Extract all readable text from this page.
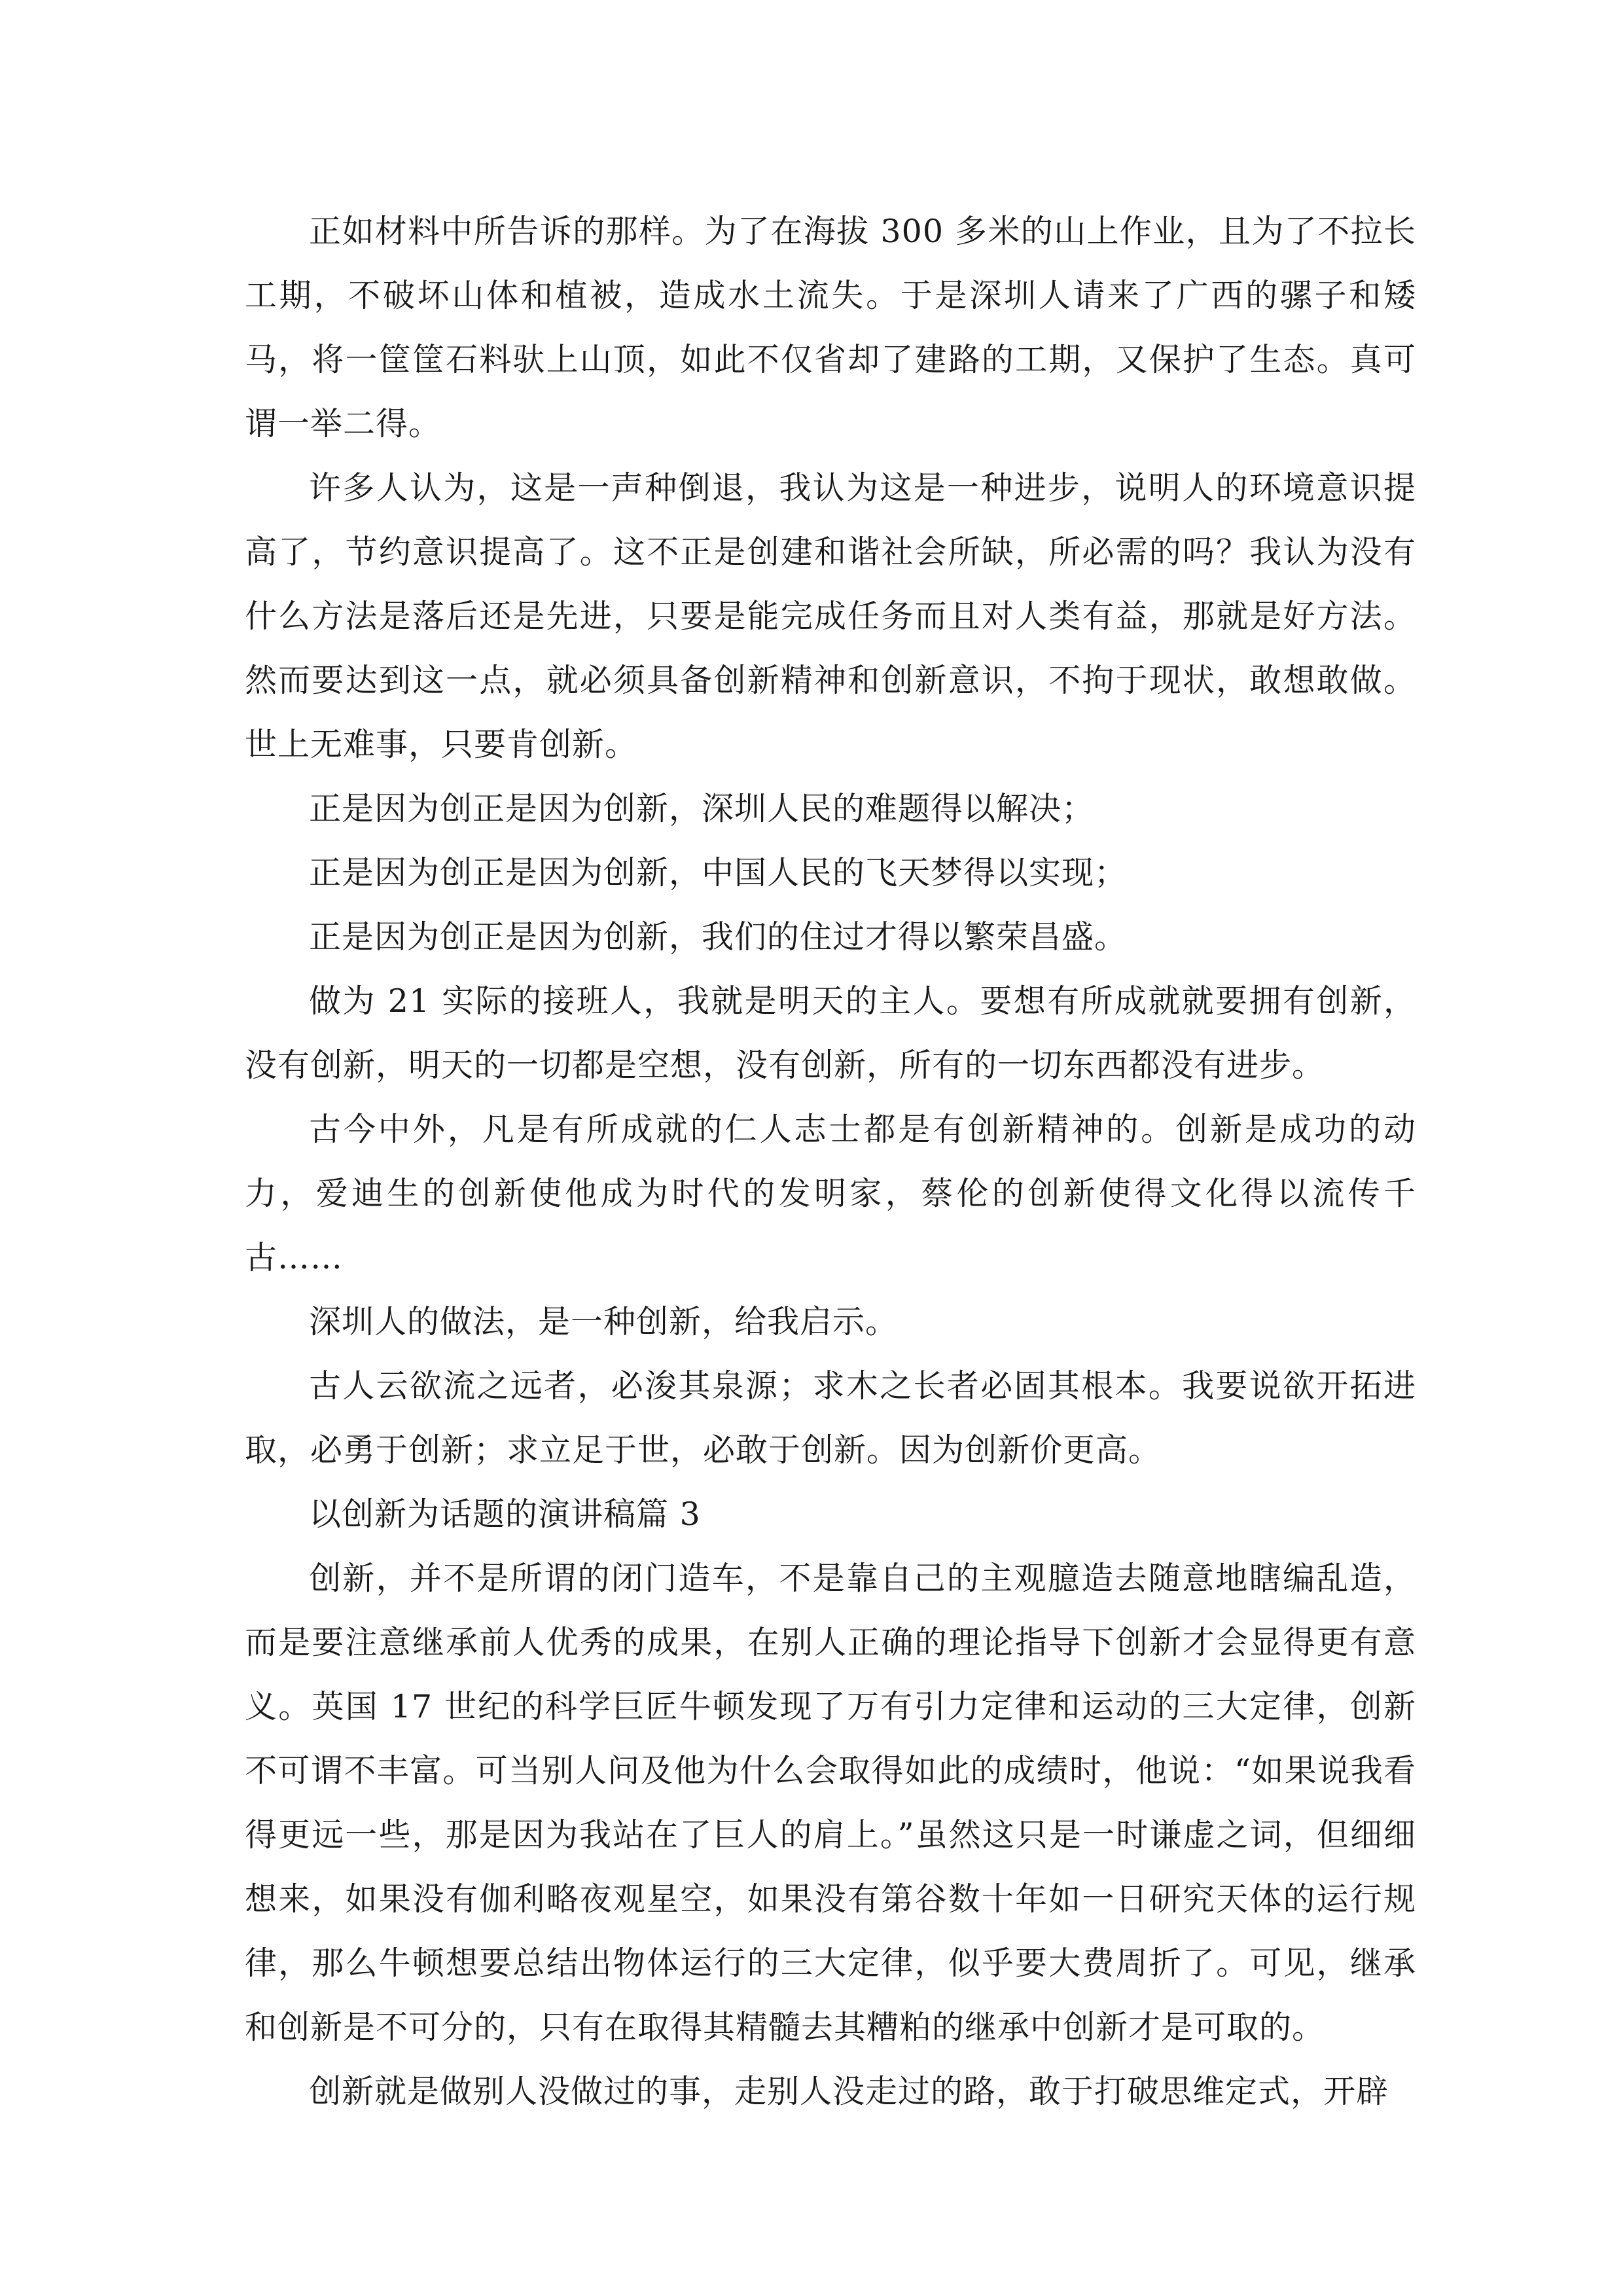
正如材料中所告诉的那样。为了在海拔 300 多米的山上作业，且为了不拉长工期，不破坏山体和植被，造成水土流失。于是深圳人请来了广西的骡子和矮马，将一筐筐石料驮上山顶，如此不仅省却了建路的工期，又保护了生态。真可谓一举二得。

许多人认为，这是一声种倒退，我认为这是一种进步，说明人的环境意识提高了，节约意识提高了。这不正是创建和谐社会所缺，所必需的吗？我认为没有什么方法是落后还是先进，只要是能完成任务而且对人类有益，那就是好方法。然而要达到这一点，就必须具备创新精神和创新意识，不拘于现状，敢想敢做。世上无难事，只要肯创新。

正是因为创正是因为创新，深圳人民的难题得以解决；

正是因为创正是因为创新，中国人民的飞天梦得以实现；

正是因为创正是因为创新，我们的住过才得以繁荣昌盛。

做为 21 实际的接班人，我就是明天的主人。要想有所成就就要拥有创新，没有创新，明天的一切都是空想，没有创新，所有的一切东西都没有进步。

古今中外，凡是有所成就的仁人志士都是有创新精神的。创新是成功的动力，爱迪生的创新使他成为时代的发明家，蔡伦的创新使得文化得以流传千古……

深圳人的做法，是一种创新，给我启示。

古人云欲流之远者，必浚其泉源；求木之长者必固其根本。我要说欲开拓进取，必勇于创新；求立足于世，必敢于创新。因为创新价更高。

以创新为话题的演讲稿篇 3

创新，并不是所谓的闭门造车，不是靠自己的主观臆造去随意地瞎编乱造，而是要注意继承前人优秀的成果，在别人正确的理论指导下创新才会显得更有意义。英国 17 世纪的科学巨匠牛顿发现了万有引力定律和运动的三大定律，创新不可谓不丰富。可当别人问及他为什么会取得如此的成绩时，他说：“如果说我看得更远一些，那是因为我站在了巨人的肩上。”虽然这只是一时谦虚之词，但细细想来，如果没有伽利略夜观星空，如果没有第谷数十年如一日研究天体的运行规律，那么牛顿想要总结出物体运行的三大定律，似乎要大费周折了。可见，继承和创新是不可分的，只有在取得其精髓去其糟粕的继承中创新才是可取的。

创新就是做别人没做过的事，走别人没走过的路，敢于打破思维定式，开辟
